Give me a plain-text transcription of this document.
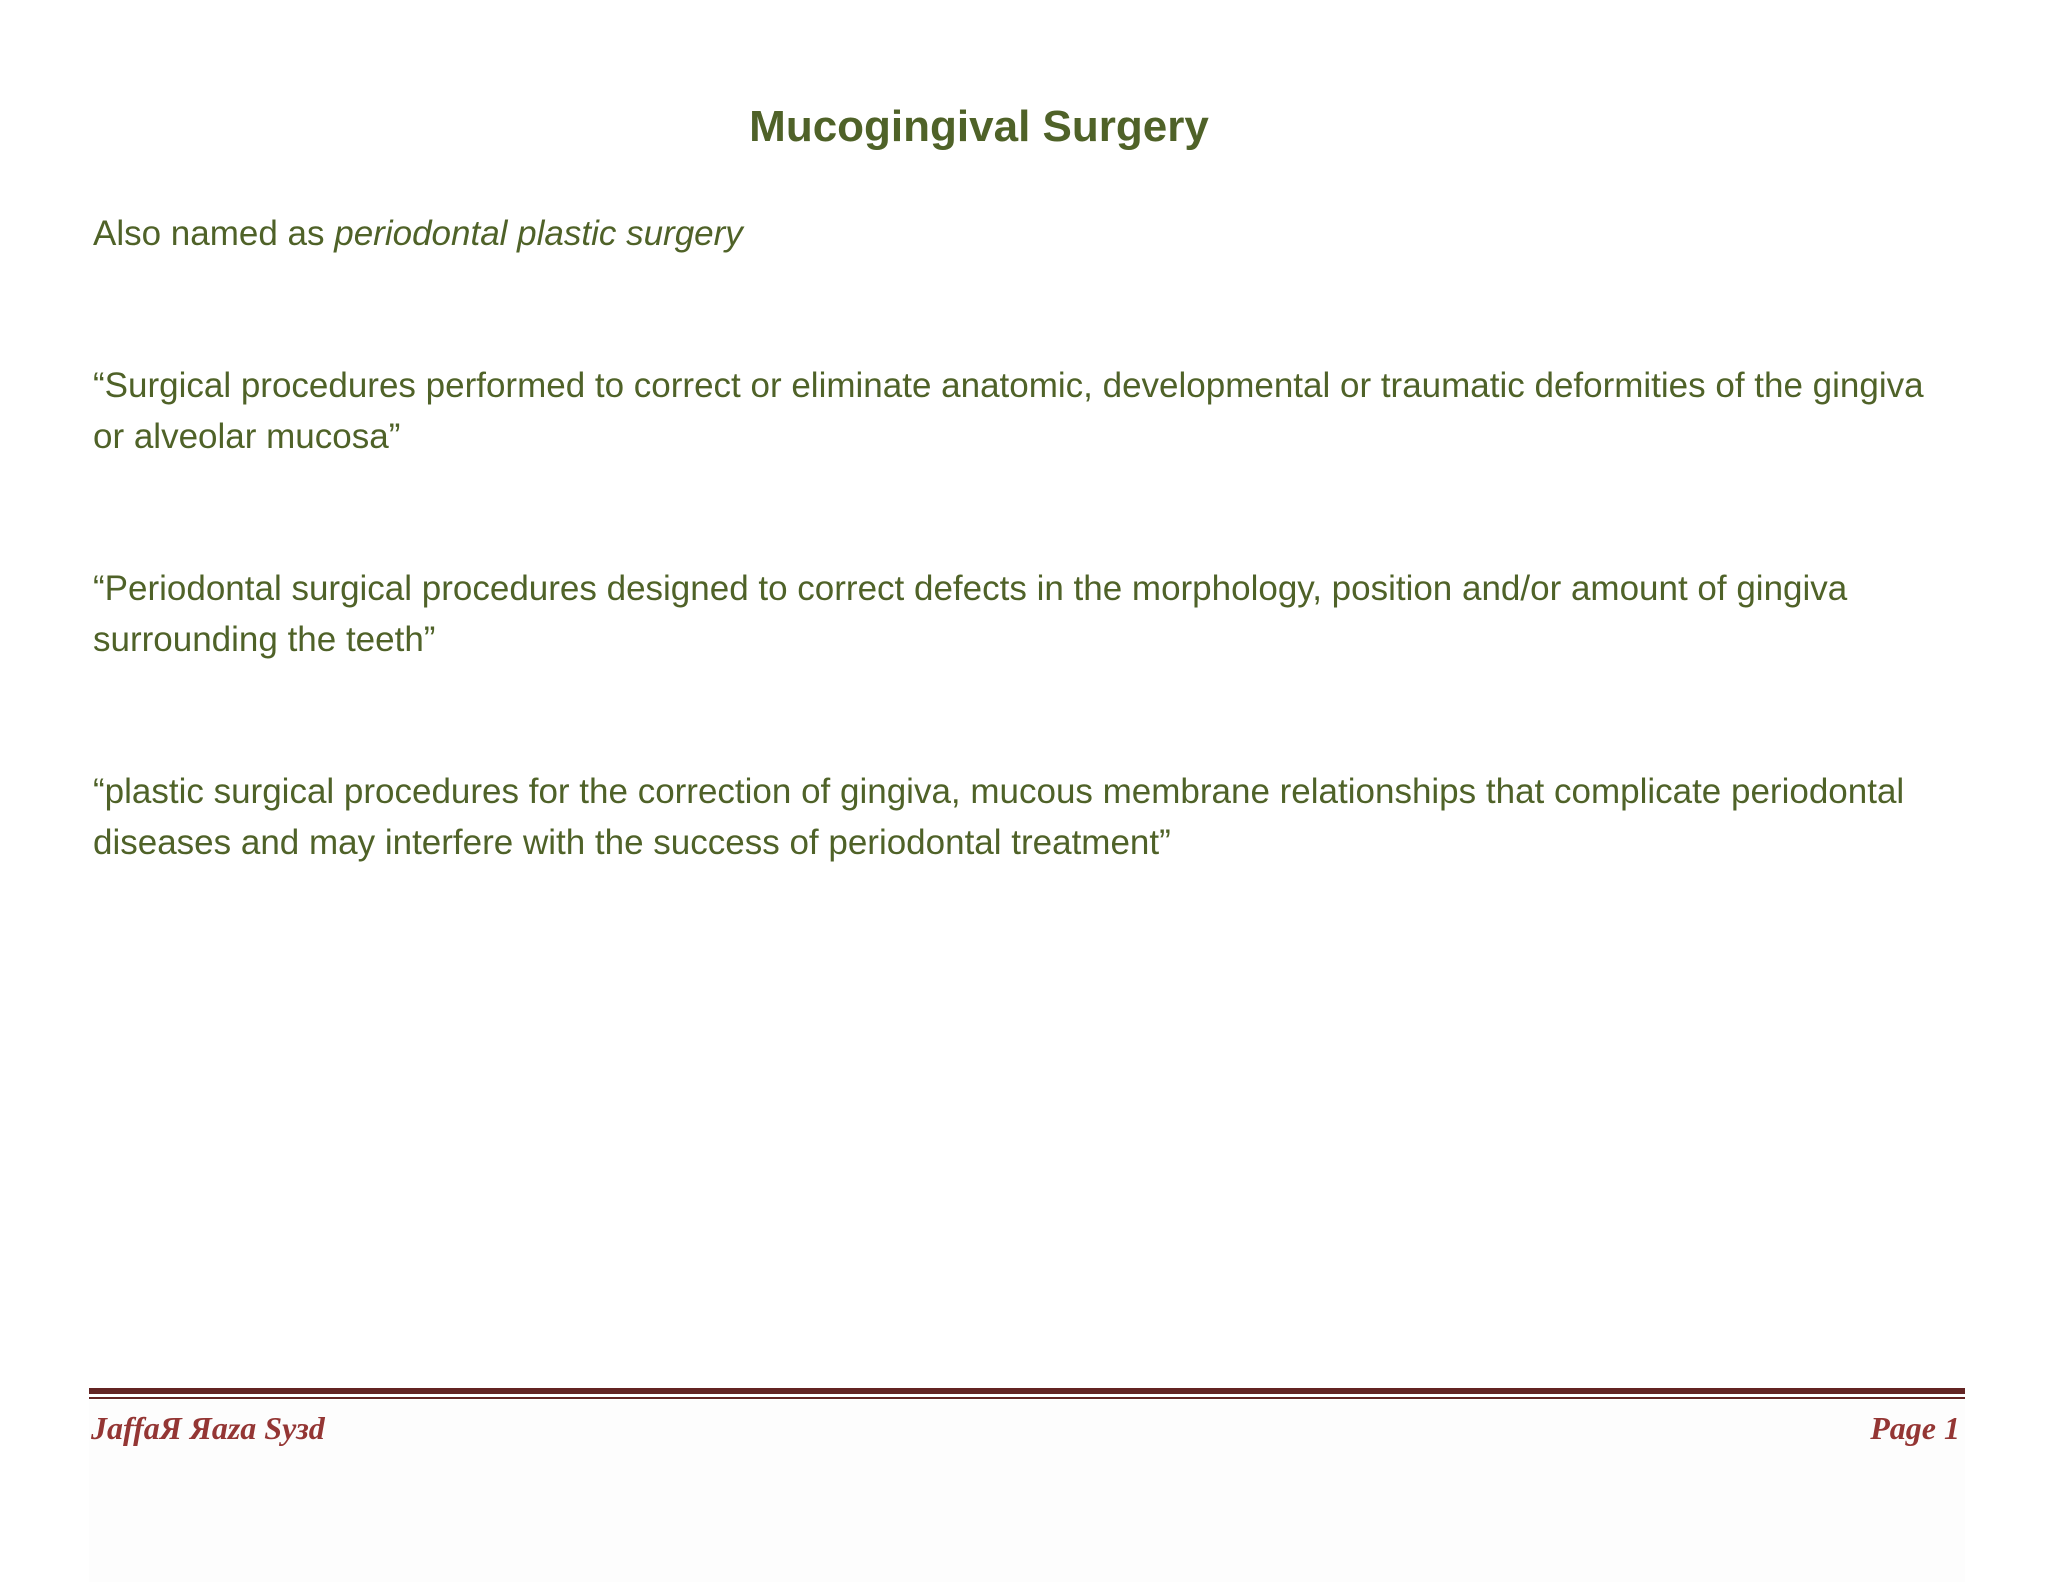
Mucogingival Surgery

Also named as periodontal plastic surgery

“Surgical procedures performed to correct or eliminate anatomic, developmental or traumatic deformities of the gingiva or alveolar mucosa”

“Periodontal surgical procedures designed to correct defects in the morphology, position and/or amount of gingiva surrounding the teeth”

“plastic surgical procedures for the correction of gingiva, mucous membrane relationships that complicate periodontal diseases and may interfere with the success of periodontal treatment”

JaffaЯ Яaza Syзd	Page 1
